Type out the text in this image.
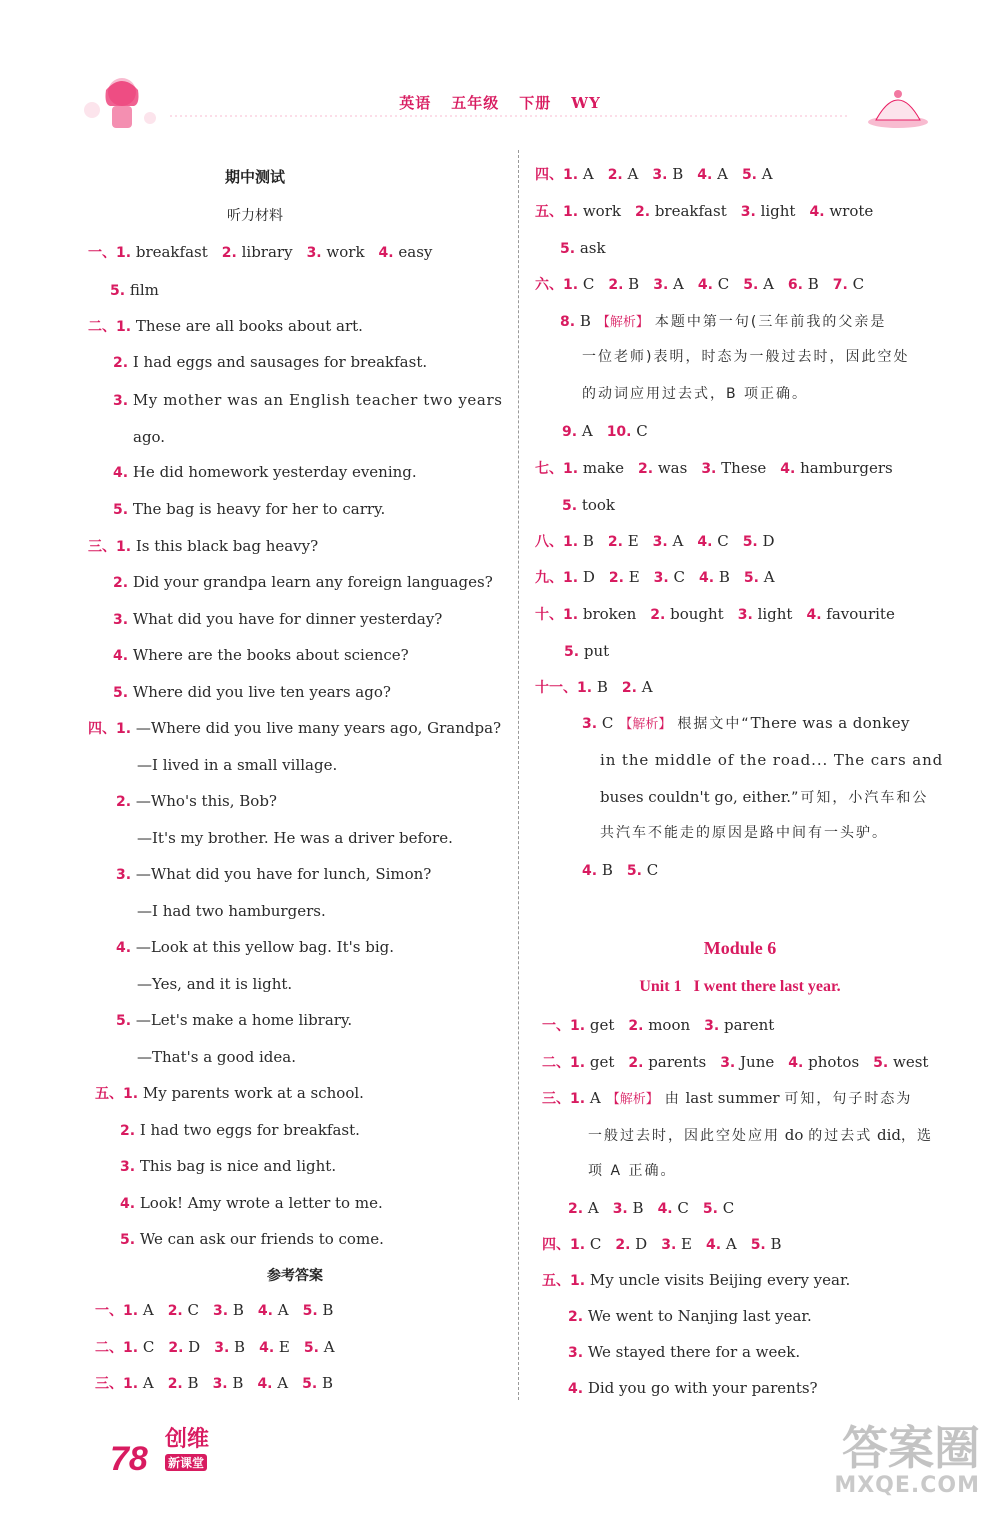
英语 五年级 下册 WY
期中测试
听力材料
一、1. breakfast 2. library 3. work 4. easy
5. film
二、1. These are all books about art.
2. I had eggs and sausages for breakfast.
3. My mother was an English teacher two years
ago.
4. He did homework yesterday evening.
5. The bag is heavy for her to carry.
三、1. Is this black bag heavy?
2. Did your grandpa learn any foreign languages?
3. What did you have for dinner yesterday?
4. Where are the books about science?
5. Where did you live ten years ago?
四、1. —Where did you live many years ago, Grandpa?
—I lived in a small village.
2. —Who's this, Bob?
—It's my brother. He was a driver before.
3. —What did you have for lunch, Simon?
—I had two hamburgers.
4. —Look at this yellow bag. It's big.
—Yes, and it is light.
5. —Let's make a home library.
—That's a good idea.
五、1. My parents work at a school.
2. I had two eggs for breakfast.
3. This bag is nice and light.
4. Look! Amy wrote a letter to me.
5. We can ask our friends to come.
参考答案
一、1. A 2. C 3. B 4. A 5. B
二、1. C 2. D 3. B 4. E 5. A
三、1. A 2. B 3. B 4. A 5. B
四、1. A 2. A 3. B 4. A 5. A
五、1. work 2. breakfast 3. light 4. wrote
5. ask
六、1. C 2. B 3. A 4. C 5. A 6. B 7. C
8. B 【解析】 本题中第一句(三年前我的父亲是
一位老师)表明，时态为一般过去时，因此空处
的动词应用过去式，B 项正确。
9. A 10. C
七、1. make 2. was 3. These 4. hamburgers
5. took
八、1. B 2. E 3. A 4. C 5. D
九、1. D 2. E 3. C 4. B 5. A
十、1. broken 2. bought 3. light 4. favourite
5. put
十一、1. B 2. A
3. C 【解析】 根据文中“There was a donkey
in the middle of the road... The cars and
buses couldn't go, either.”可知，小汽车和公
共汽车不能走的原因是路中间有一头驴。
4. B 5. C
Module 6
Unit 1   I went there last year.
一、1. get 2. moon 3. parent
二、1. get 2. parents 3. June 4. photos 5. west
三、1. A 【解析】 由 last summer 可知，句子时态为
一般过去时，因此空处应用 do 的过去式 did，选
项 A 正确。
2. A 3. B 4. C 5. C
四、1. C 2. D 3. E 4. A 5. B
五、1. My uncle visits Beijing every year.
2. We went to Nanjing last year.
3. We stayed there for a week.
4. Did you go with your parents?
78
创维
新课堂	答案圈
MXQE.COM
